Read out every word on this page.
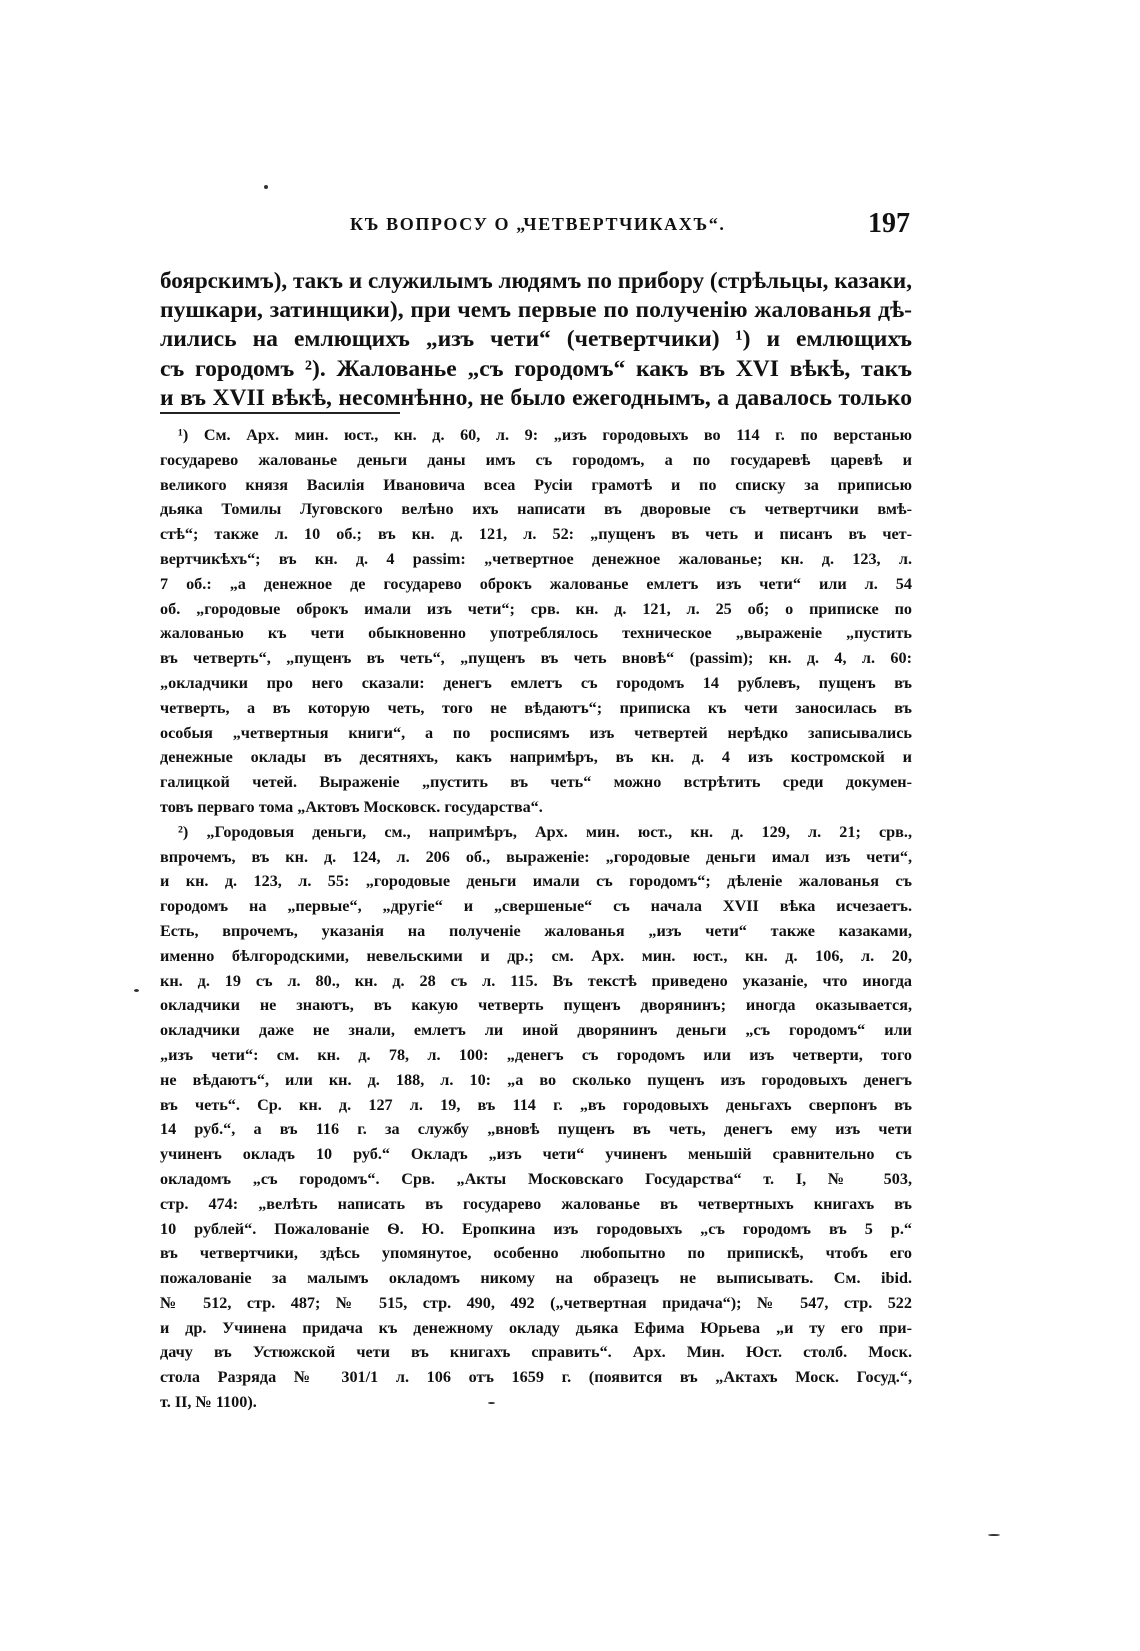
КЪ ВОПРОСУ О „ЧЕТВЕРТЧИКАХЪ“.	197
боярскимъ), такъ и служилымъ людямъ по прибору (стрѣльцы, казаки,
пушкари, затинщики), при чемъ первые по полученію жалованья дѣ-
лились на емлющихъ „изъ чети“ (четвертчики) ¹) и емлющихъ
съ городомъ ²). Жалованье „съ городомъ“ какъ въ XVI вѣкѣ, такъ
и въ XVII вѣкѣ, несомнѣнно, не было ежегоднымъ, а давалось только
¹) См. Арх. мин. юст., кн. д. 60, л. 9: „изъ городовыхъ во 114 г. по верстанью
государево жалованье деньги даны имъ съ городомъ, а по государевѣ царевѣ и
великого князя Василія Ивановича всеа Русіи грамотѣ и по списку за приписью
дьяка Томилы Луговского велѣно ихъ написати въ дворовые съ четвертчики вмѣ-
стѣ“; также л. 10 об.; въ кн. д. 121, л. 52: „пущенъ въ четь и писанъ въ чет-
вертчикѣхъ“; въ кн. д. 4 passim: „четвертное денежное жалованье; кн. д. 123, л.
7 об.: „а денежное де государево оброкъ жалованье емлетъ изъ чети“ или л. 54
об. „городовые оброкъ имали изъ чети“; срв. кн. д. 121, л. 25 об; о приписке по
жалованью къ чети обыкновенно употреблялось техническое „выраженіе „пустить
въ четверть“, „пущенъ въ четь“, „пущенъ въ четь вновѣ“ (passim); кн. д. 4, л. 60:
„окладчики про него сказали: денегъ емлетъ съ городомъ 14 рублевъ, пущенъ въ
четверть, а въ которую четь, того не вѣдаютъ“; приписка къ чети заносилась въ
особыя „четвертныя книги“, а по росписямъ изъ четвертей нерѣдко записывались
денежные оклады въ десятняхъ, какъ напримѣръ, въ кн. д. 4 изъ костромской и
галицкой четей. Выраженіе „пустить въ четь“ можно встрѣтить среди докумен-
товъ перваго тома „Актовъ Московск. государства“.
²) „Городовыя деньги, см., напримѣръ, Арх. мин. юст., кн. д. 129, л. 21; срв.,
впрочемъ, въ кн. д. 124, л. 206 об., выраженіе: „городовые деньги имал изъ чети“,
и кн. д. 123, л. 55: „городовые деньги имали съ городомъ“; дѣленіе жалованья съ
городомъ на „первые“, „другіе“ и „свершеные“ съ начала XVII вѣка исчезаетъ.
Есть, впрочемъ, указанія на полученіе жалованья „изъ чети“ также казаками,
именно бѣлгородскими, невельскими и др.; см. Арх. мин. юст., кн. д. 106, л. 20,
кн. д. 19 съ л. 80., кн. д. 28 съ л. 115. Въ текстѣ приведено указаніе, что иногда
окладчики не знаютъ, въ какую четверть пущенъ дворянинъ; иногда оказывается,
окладчики даже не знали, емлетъ ли иной дворянинъ деньги „съ городомъ“ или
„изъ чети“: см. кн. д. 78, л. 100: „денегъ съ городомъ или изъ четверти, того
не вѣдаютъ“, или кн. д. 188, л. 10: „а во сколько пущенъ изъ городовыхъ денегъ
въ четь“. Ср. кн. д. 127 л. 19, въ 114 г. „въ городовыхъ деньгахъ сверпонъ въ
14 руб.“, а въ 116 г. за службу „вновѣ пущенъ въ четь, денегъ ему изъ чети
учиненъ окладъ 10 руб.“ Окладъ „изъ чети“ учиненъ меньшій сравнительно съ
окладомъ „съ городомъ“. Срв. „Акты Московскаго Государства“ т. I, № 503,
стр. 474: „велѣть написать въ государево жалованье въ четвертныхъ книгахъ въ
10 рублей“. Пожалованіе Ѳ. Ю. Еропкина изъ городовыхъ „съ городомъ въ 5 р.“
въ четвертчики, здѣсь упомянутое, особенно любопытно по припискѣ, чтобъ его
пожалованіе за малымъ окладомъ никому на образецъ не выписывать. См. ibid.
№ 512, стр. 487; № 515, стр. 490, 492 („четвертная придача“); № 547, стр. 522
и др. Учинена придача къ денежному окладу дьяка Ефима Юрьева „и ту его при-
дачу въ Устюжской чети въ книгахъ справить“. Арх. Мин. Юст. столб. Моск.
стола Разряда № 301/1 л. 106 отъ 1659 г. (появится въ „Актахъ Моск. Госуд.“,
т. II, № 1100).
